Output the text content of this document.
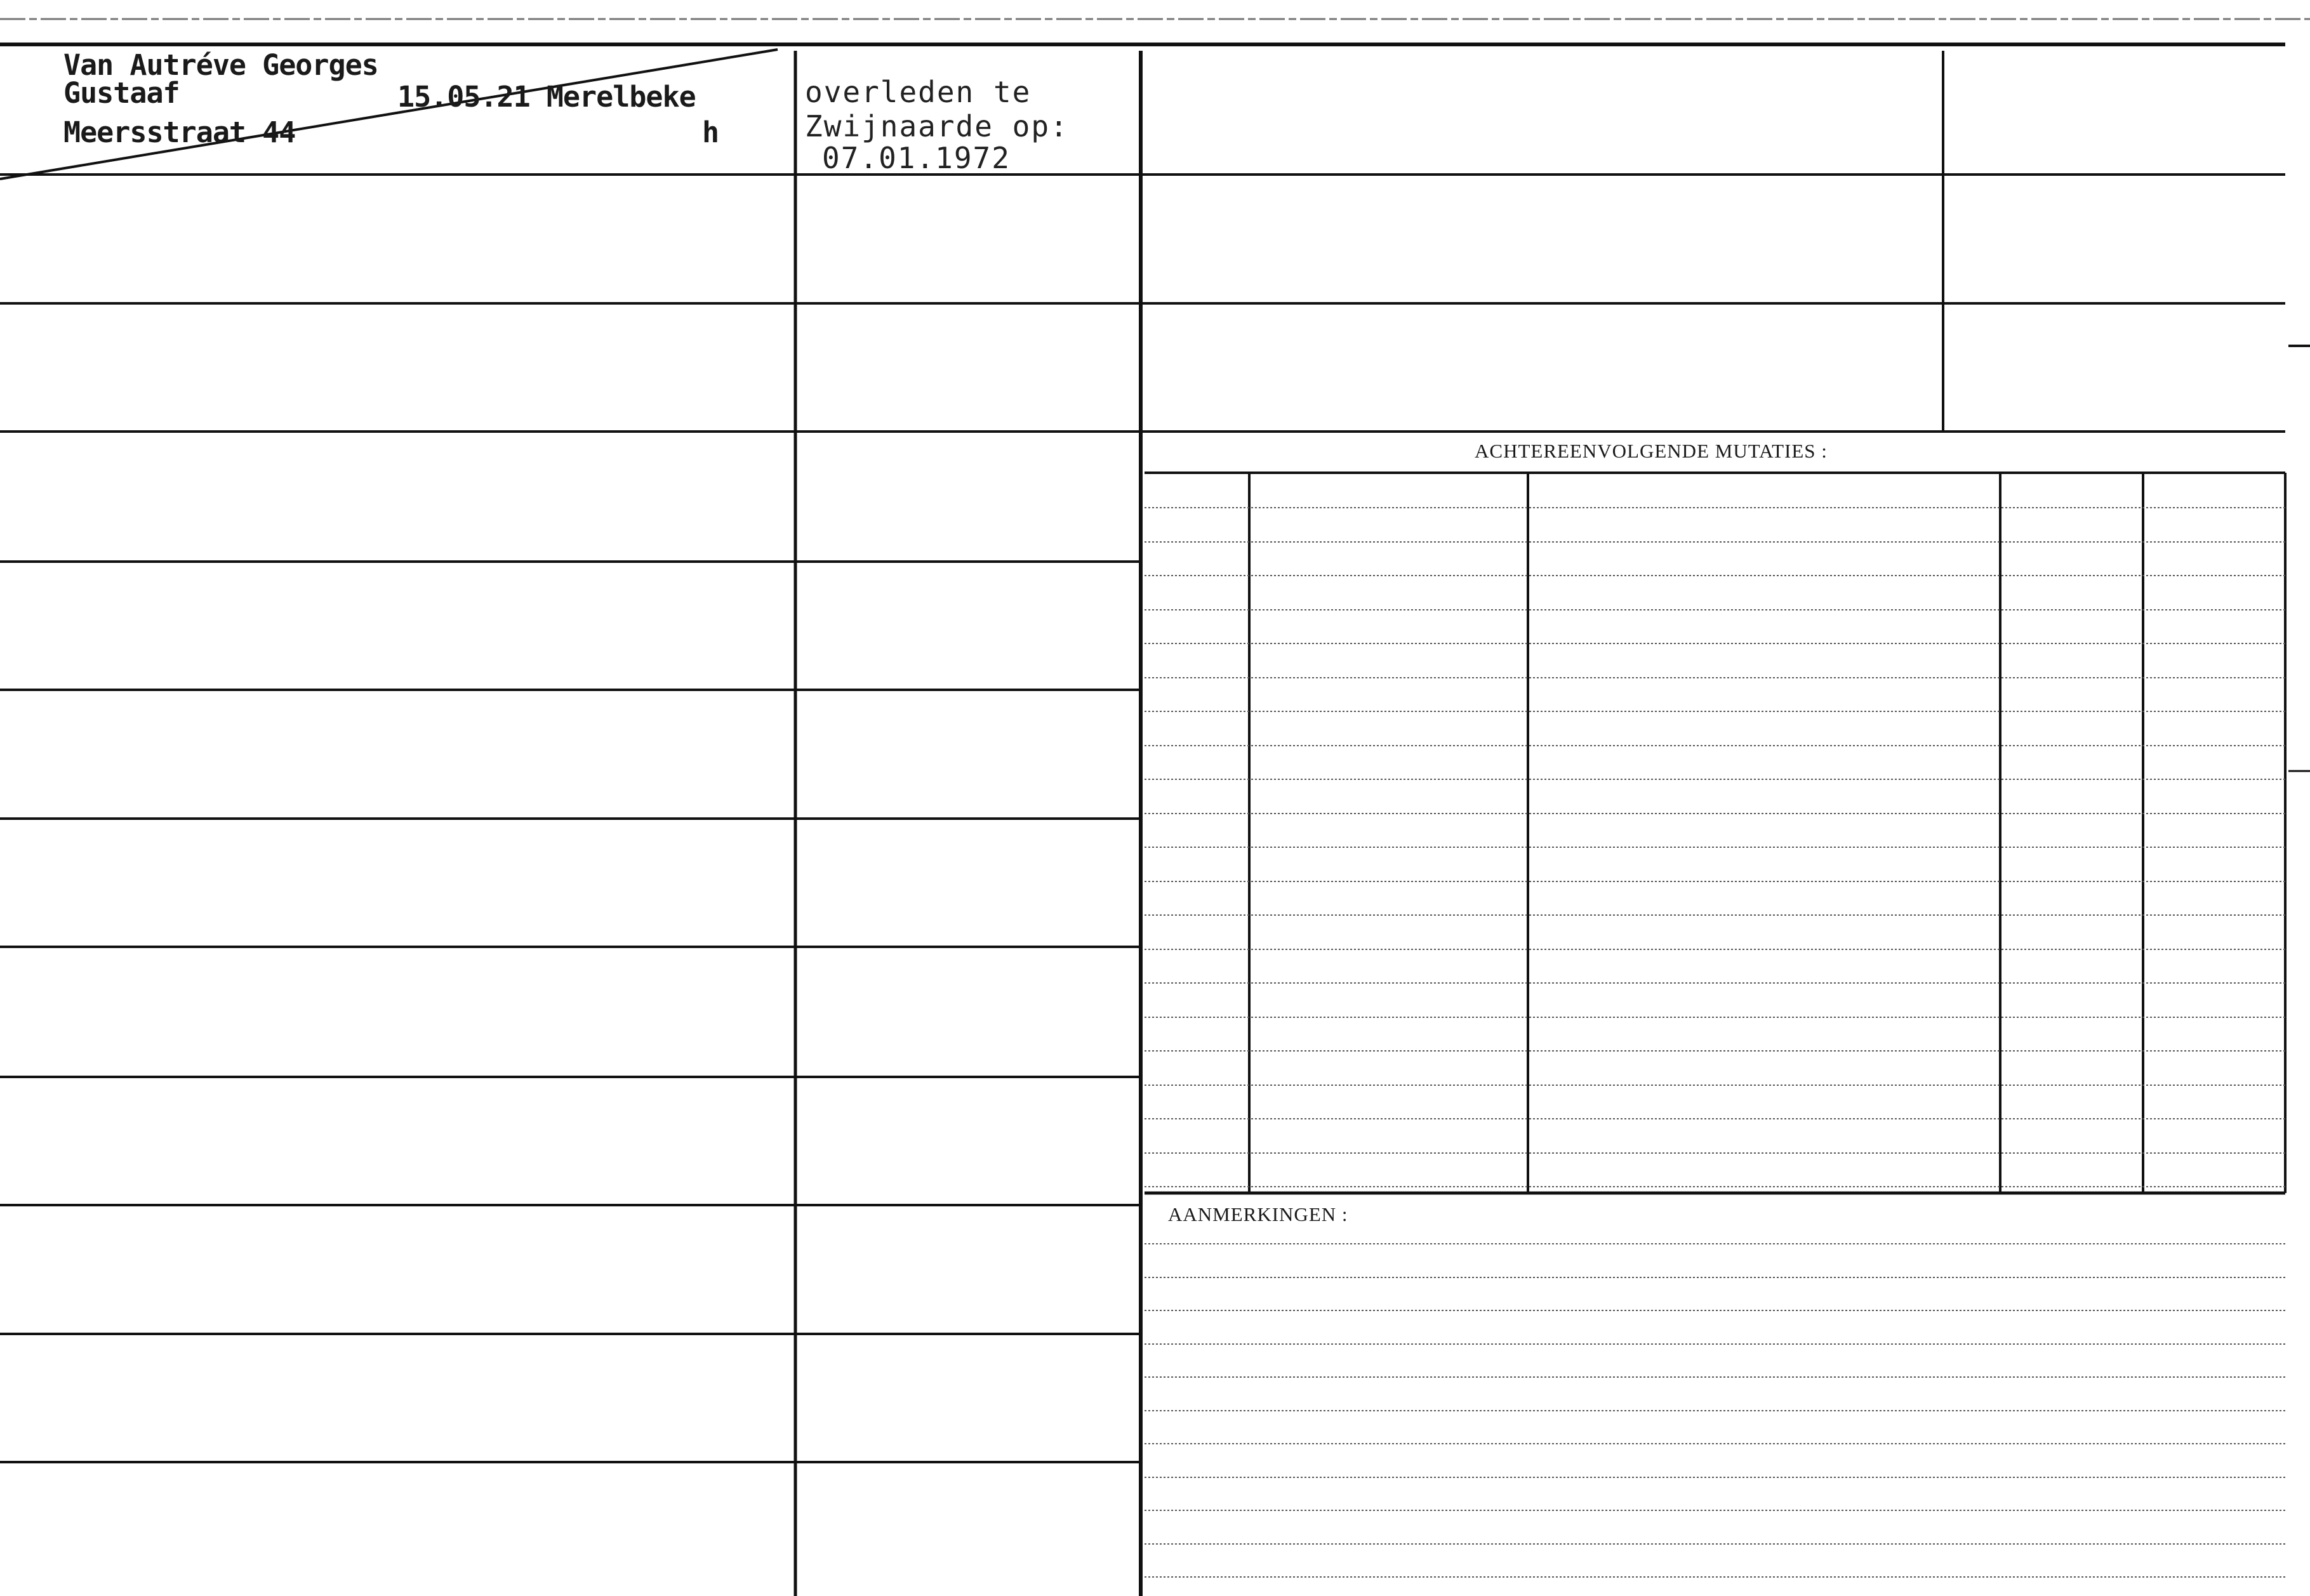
Van Autréve Georges
Gustaaf	15.05.21 Merelbeke
Meersstraat 44	h
overleden te
Zwijnaarde op:
07.01.1972
ACHTEREENVOLGENDE MUTATIES :
AANMERKINGEN :
